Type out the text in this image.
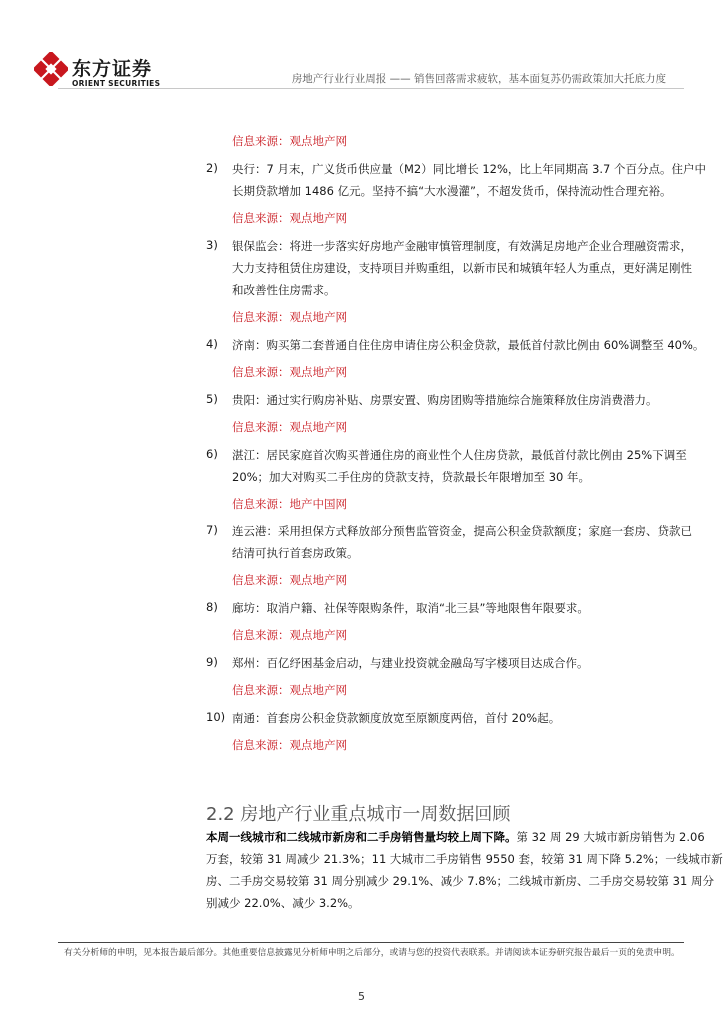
东方证券
ORIENT SECURITIES	房地产行业行业周报 —— 销售回落需求疲软，基本面复苏仍需政策加大托底力度
信息来源：观点地产网
2) 央行：7 月末，广义货币供应量（M2）同比增长 12%，比上年同期高 3.7 个百分点。住户中
长期贷款增加 1486 亿元。坚持不搞“大水漫灌”，不超发货币，保持流动性合理充裕。
信息来源：观点地产网
3) 银保监会：将进一步落实好房地产金融审慎管理制度，有效满足房地产企业合理融资需求，
大力支持租赁住房建设，支持项目并购重组，以新市民和城镇年轻人为重点，更好满足刚性
和改善性住房需求。
信息来源：观点地产网
4) 济南：购买第二套普通自住住房申请住房公积金贷款，最低首付款比例由 60%调整至 40%。
信息来源：观点地产网
5) 贵阳：通过实行购房补贴、房票安置、购房团购等措施综合施策释放住房消费潜力。
信息来源：观点地产网
6) 湛江：居民家庭首次购买普通住房的商业性个人住房贷款，最低首付款比例由 25%下调至
20%；加大对购买二手住房的贷款支持，贷款最长年限增加至 30 年。
信息来源：地产中国网
7) 连云港：采用担保方式释放部分预售监管资金，提高公积金贷款额度；家庭一套房、贷款已
结清可执行首套房政策。
信息来源：观点地产网
8) 廊坊：取消户籍、社保等限购条件，取消“北三县”等地限售年限要求。
信息来源：观点地产网
9) 郑州：百亿纾困基金启动，与建业投资就金融岛写字楼项目达成合作。
信息来源：观点地产网
10) 南通：首套房公积金贷款额度放宽至原额度两倍，首付 20%起。
信息来源：观点地产网
2.2 房地产行业重点城市一周数据回顾
本周一线城市和二线城市新房和二手房销售量均较上周下降。第 32 周 29 大城市新房销售为 2.06
万套，较第 31 周减少 21.3%；11 大城市二手房销售 9550 套，较第 31 周下降 5.2%；一线城市新
房、二手房交易较第 31 周分别减少 29.1%、减少 7.8%；二线城市新房、二手房交易较第 31 周分
别减少 22.0%、减少 3.2%。
有关分析师的申明，见本报告最后部分。其他重要信息披露见分析师申明之后部分，或请与您的投资代表联系。并请阅读本证券研究报告最后一页的免责申明。
5
